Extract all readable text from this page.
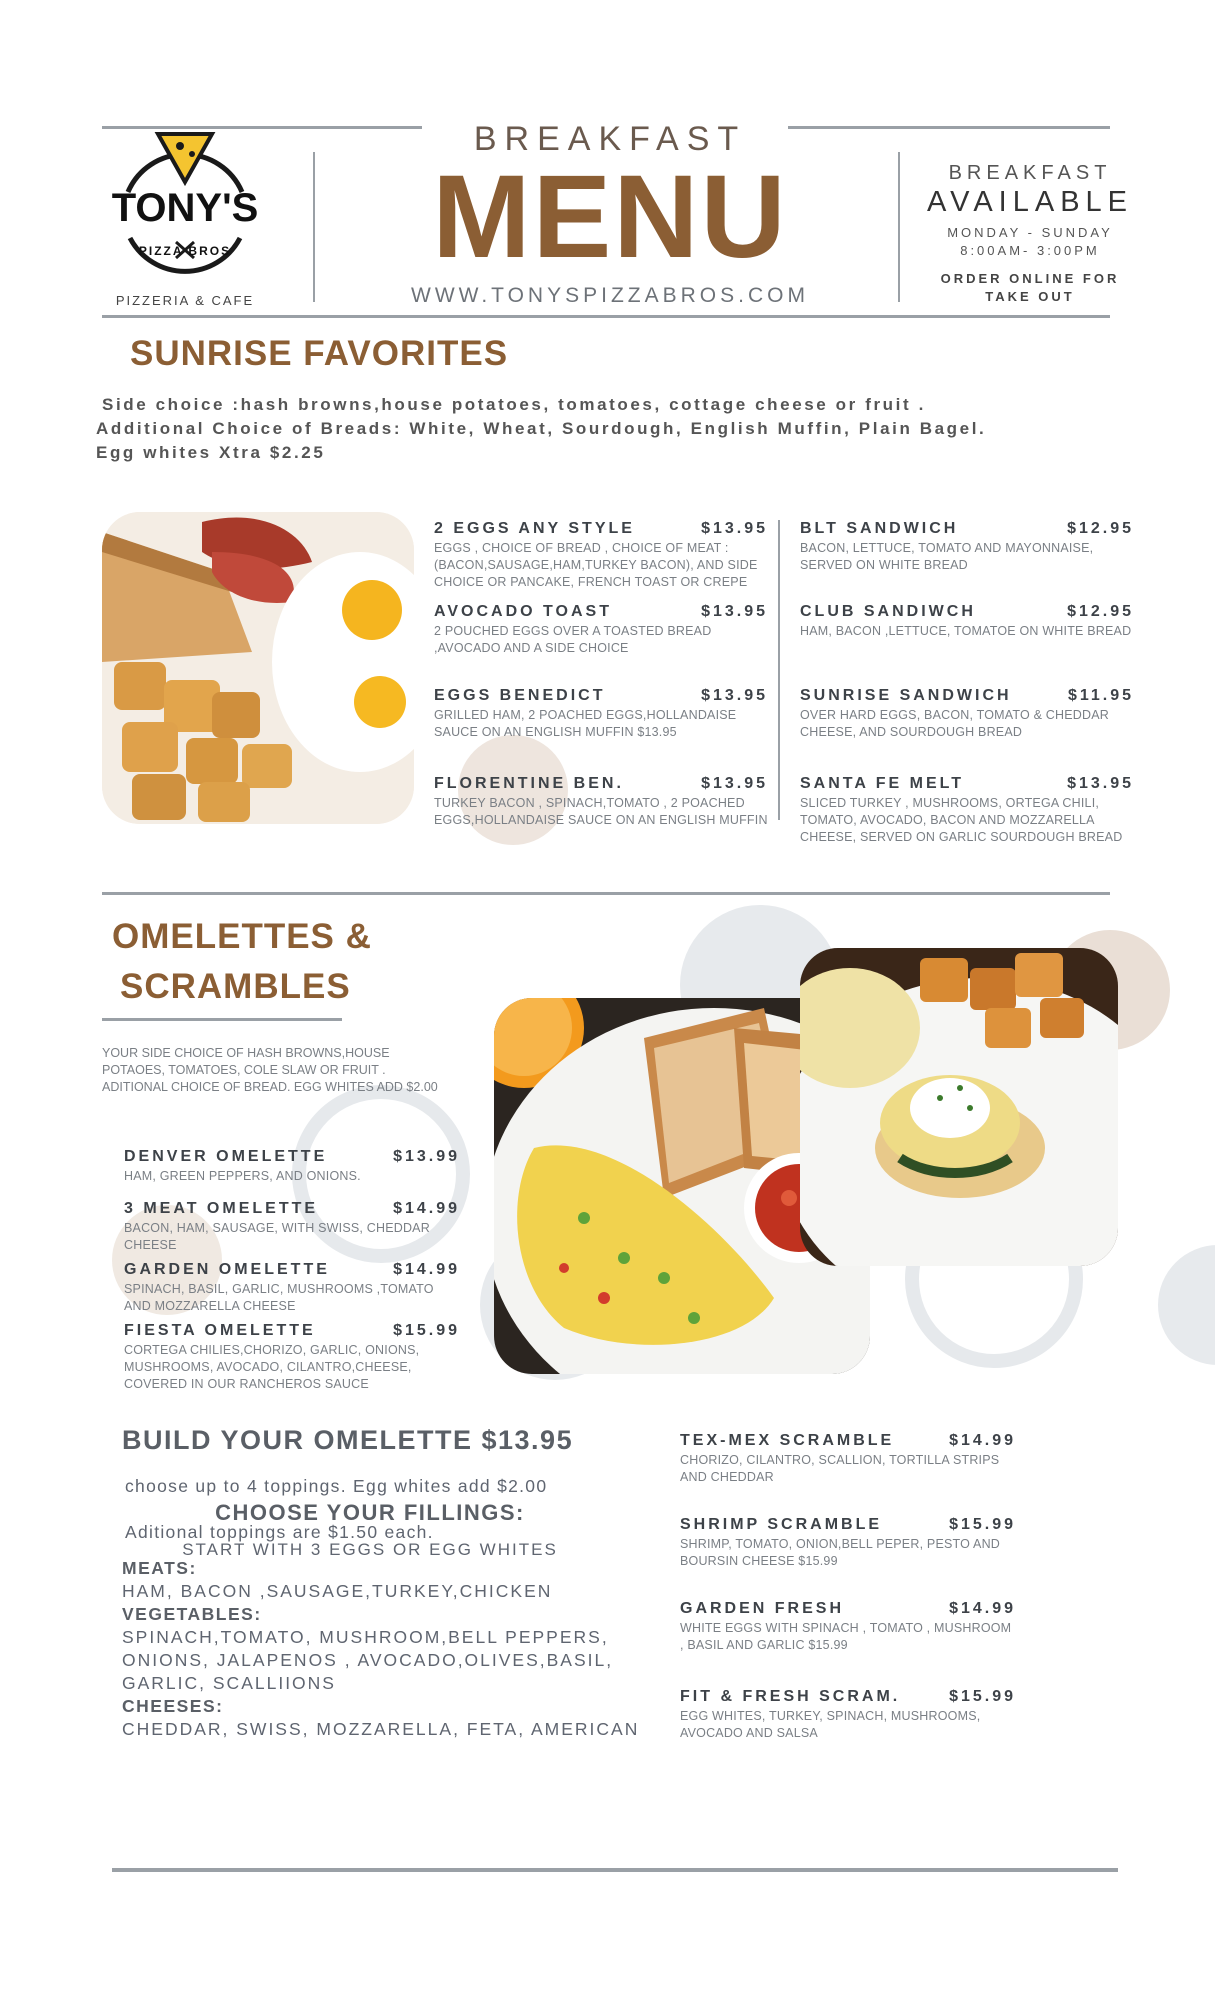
TONY'S
PIZZA BROS
PIZZERIA & CAFE
BREAKFAST
MENU
WWW.TONYSPIZZABROS.COM
BREAKFAST
AVAILABLE
MONDAY - SUNDAY
8:00AM- 3:00PM
ORDER ONLINE FOR
TAKE OUT
SUNRISE FAVORITES
Side choice :hash browns,house potatoes, tomatoes, cottage cheese or fruit .
Additional Choice of Breads: White, Wheat, Sourdough, English Muffin, Plain Bagel.
Egg whites Xtra $2.25
2 EGGS ANY STYLE	$13.95
EGGS , CHOICE OF BREAD , CHOICE OF MEAT : (BACON,SAUSAGE,HAM,TURKEY BACON), AND SIDE CHOICE OR PANCAKE, FRENCH TOAST OR CREPE
AVOCADO TOAST	$13.95
2 POUCHED EGGS OVER A TOASTED BREAD ,AVOCADO AND A SIDE CHOICE
EGGS BENEDICT	$13.95
GRILLED HAM, 2 POACHED EGGS,HOLLANDAISE SAUCE ON AN ENGLISH MUFFIN $13.95
FLORENTINE BEN.	$13.95
TURKEY BACON , SPINACH,TOMATO , 2 POACHED EGGS,HOLLANDAISE SAUCE ON AN ENGLISH MUFFIN
BLT SANDWICH	$12.95
BACON, LETTUCE, TOMATO AND MAYONNAISE, SERVED ON WHITE BREAD
CLUB SANDIWCH	$12.95
HAM, BACON ,LETTUCE, TOMATOE ON WHITE BREAD
SUNRISE SANDWICH	$11.95
OVER HARD EGGS, BACON, TOMATO & CHEDDAR CHEESE, AND SOURDOUGH BREAD
SANTA FE MELT	$13.95
SLICED TURKEY , MUSHROOMS, ORTEGA CHILI, TOMATO, AVOCADO, BACON AND MOZZARELLA CHEESE, SERVED ON GARLIC SOURDOUGH BREAD
OMELETTES &
SCRAMBLES
YOUR SIDE CHOICE OF HASH BROWNS,HOUSE POTAOES, TOMATOES, COLE SLAW OR FRUIT . ADITIONAL CHOICE OF BREAD. EGG WHITES ADD $2.00
DENVER OMELETTE	$13.99
HAM, GREEN PEPPERS, AND ONIONS.
3 MEAT OMELETTE	$14.99
BACON, HAM, SAUSAGE, WITH SWISS, CHEDDAR CHEESE
GARDEN OMELETTE	$14.99
SPINACH, BASIL, GARLIC, MUSHROOMS ,TOMATO AND MOZZARELLA CHEESE
FIESTA OMELETTE	$15.99
CORTEGA CHILIES,CHORIZO, GARLIC, ONIONS, MUSHROOMS, AVOCADO, CILANTRO,CHEESE, COVERED IN OUR RANCHEROS SAUCE
BUILD YOUR OMELETTE $13.95

choose up to 4 toppings. Egg whites add $2.00

Aditional toppings are $1.50 each.

CHOOSE YOUR FILLINGS:
START WITH 3 EGGS OR EGG WHITES
MEATS:
HAM, BACON ,SAUSAGE,TURKEY,CHICKEN
VEGETABLES:
SPINACH,TOMATO, MUSHROOM,BELL PEPPERS, ONIONS, JALAPENOS , AVOCADO,OLIVES,BASIL, GARLIC, SCALLIIONS
CHEESES:
CHEDDAR, SWISS, MOZZARELLA, FETA, AMERICAN
TEX-MEX SCRAMBLE	$14.99
CHORIZO, CILANTRO, SCALLION, TORTILLA STRIPS AND CHEDDAR
SHRIMP SCRAMBLE	$15.99
SHRIMP, TOMATO, ONION,BELL PEPER, PESTO AND BOURSIN CHEESE $15.99
GARDEN FRESH	$14.99
WHITE EGGS WITH SPINACH , TOMATO , MUSHROOM , BASIL AND GARLIC $15.99
FIT & FRESH SCRAM.	$15.99
EGG WHITES, TURKEY, SPINACH, MUSHROOMS, AVOCADO AND SALSA
